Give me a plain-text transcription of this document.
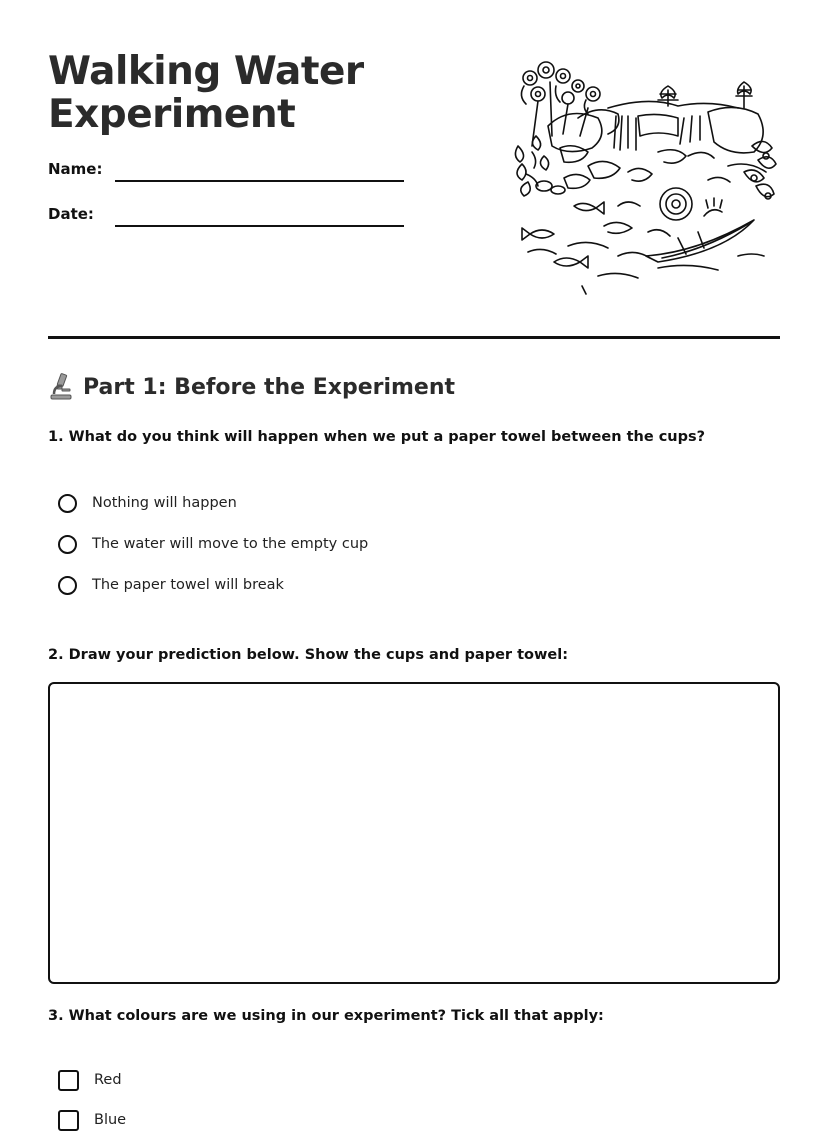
Walking Water
Experiment
Name:
Date:
Part 1: Before the Experiment
1. What do you think will happen when we put a paper towel between the cups?
Nothing will happen
The water will move to the empty cup
The paper towel will break
2. Draw your prediction below. Show the cups and paper towel:
3. What colours are we using in our experiment? Tick all that apply:
Red
Blue
